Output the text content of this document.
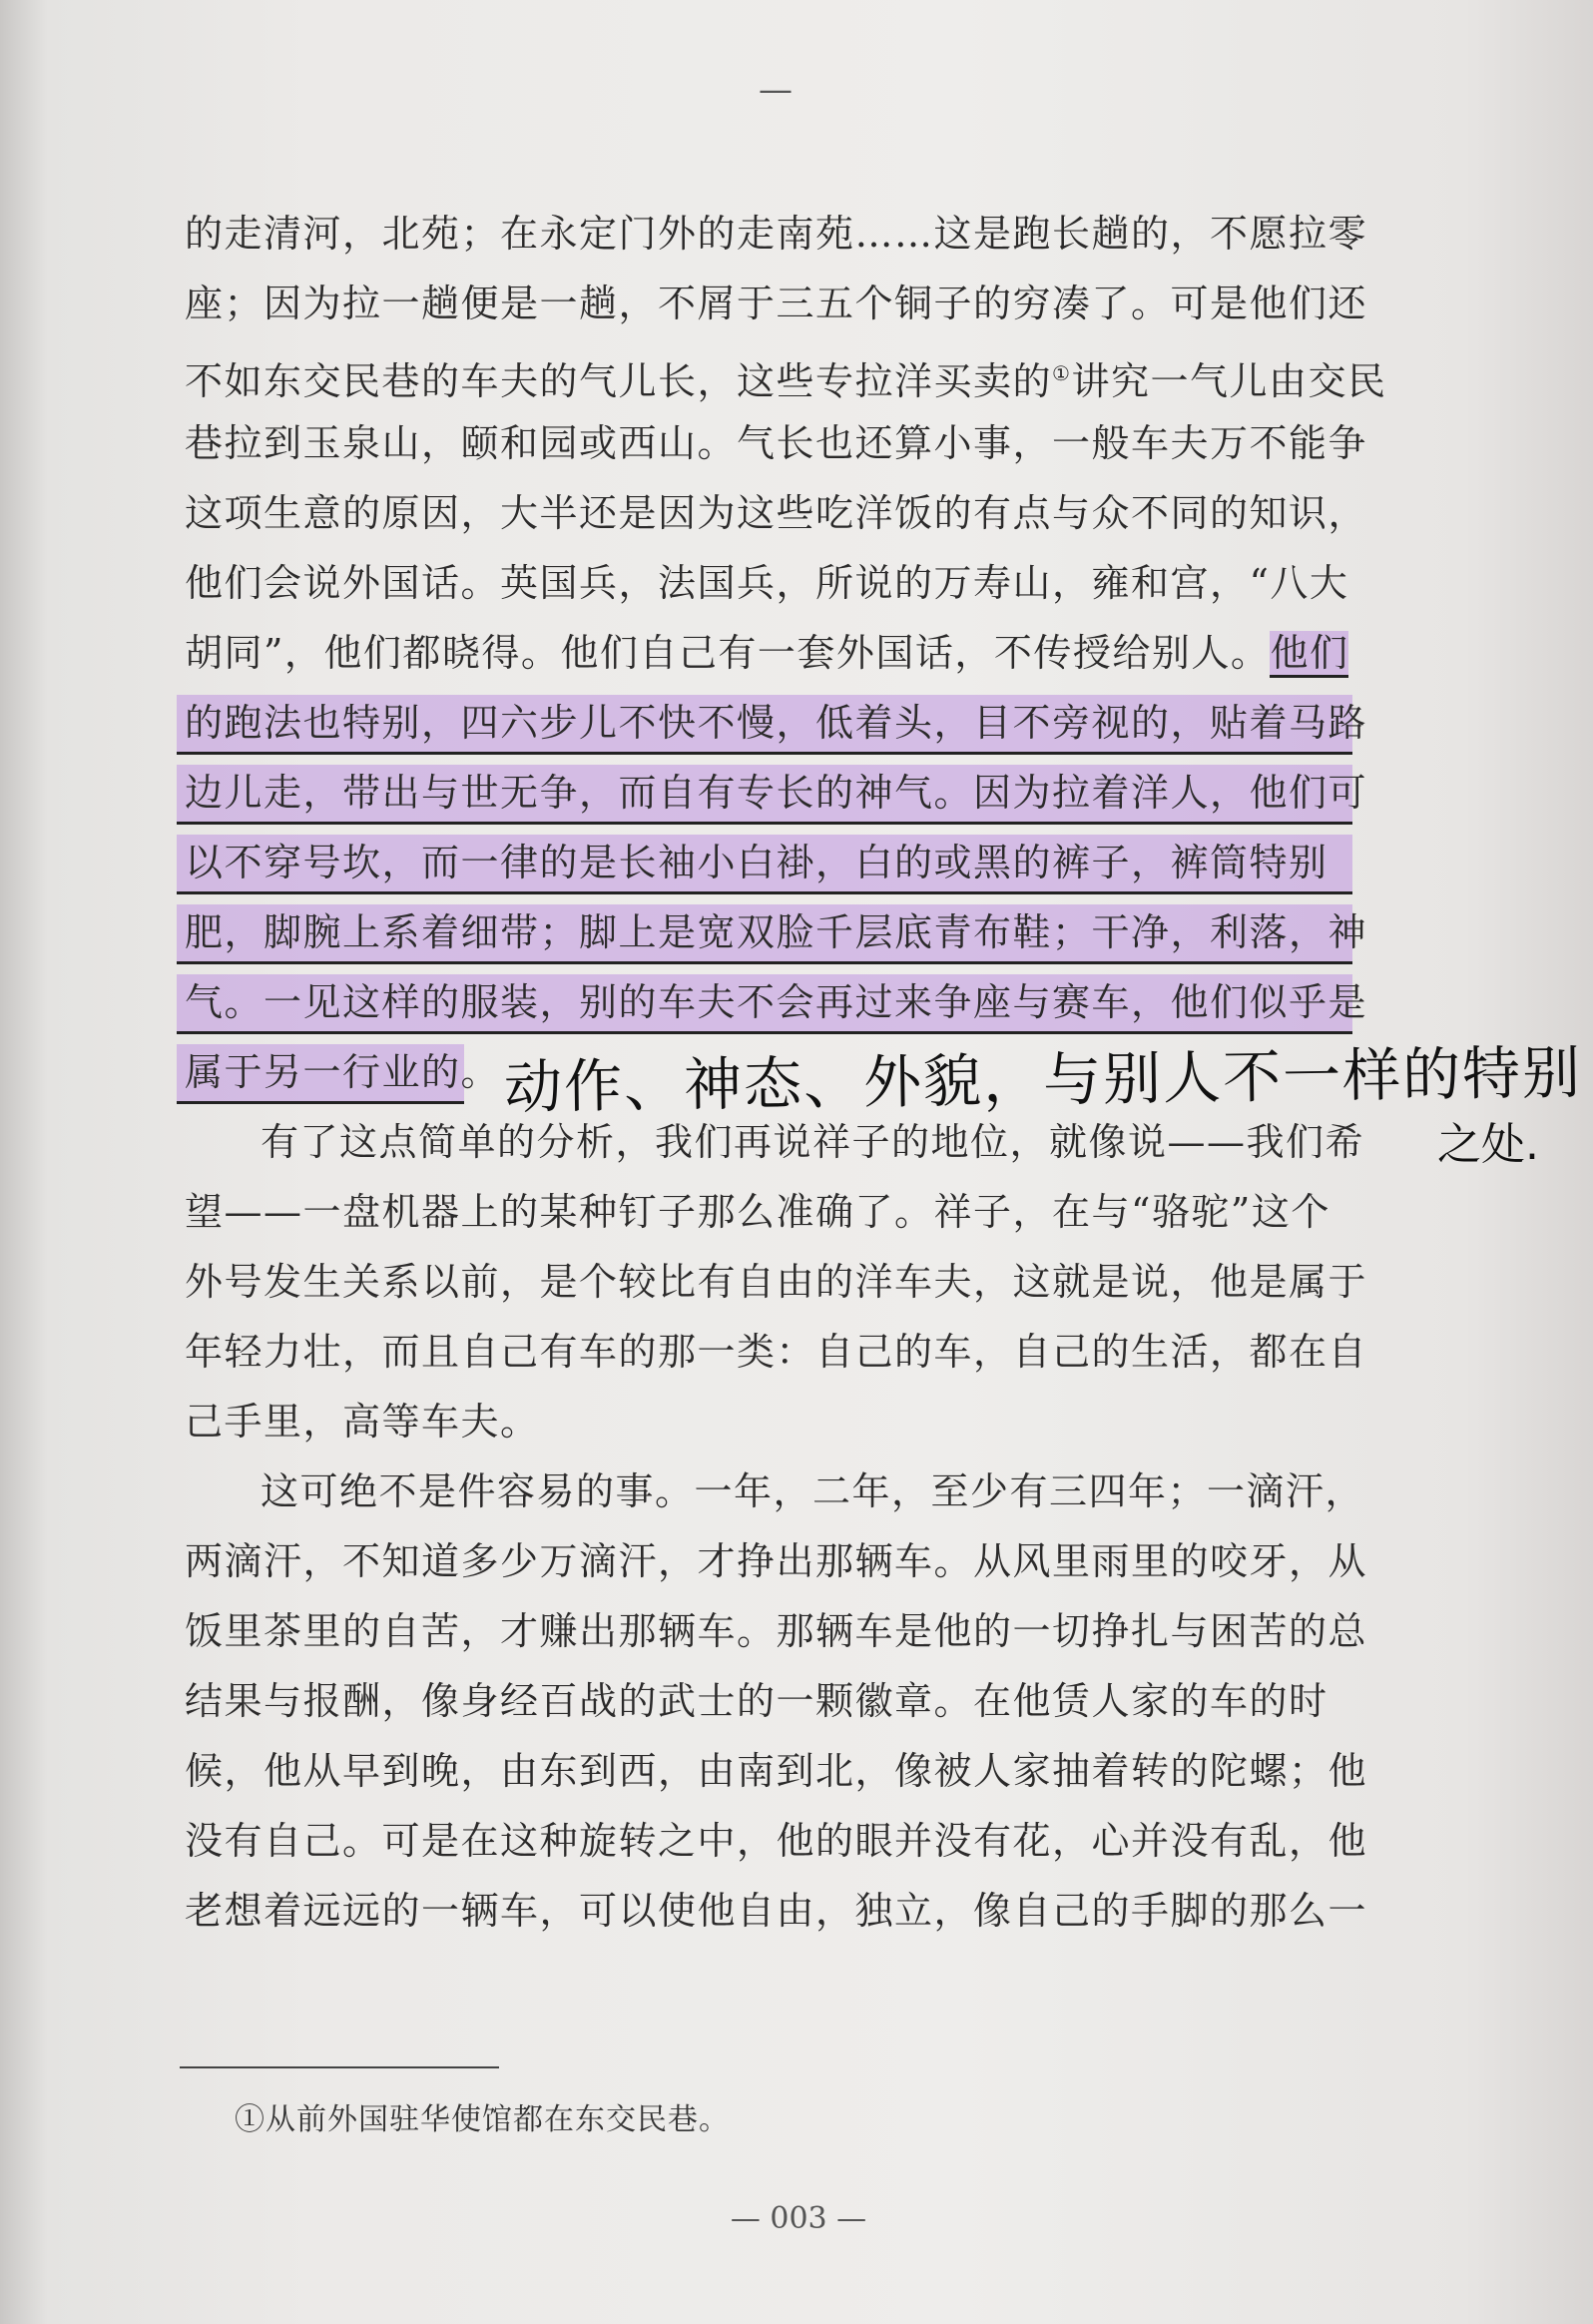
—
的走清河，北苑；在永定门外的走南苑……这是跑长趟的，不愿拉零
座；因为拉一趟便是一趟，不屑于三五个铜子的穷凑了。可是他们还
不如东交民巷的车夫的气儿长，这些专拉洋买卖的①讲究一气儿由交民
巷拉到玉泉山，颐和园或西山。气长也还算小事，一般车夫万不能争
这项生意的原因，大半还是因为这些吃洋饭的有点与众不同的知识，
他们会说外国话。英国兵，法国兵，所说的万寿山，雍和宫，“八大
胡同”，他们都晓得。他们自己有一套外国话，不传授给别人。他们
的跑法也特别，四六步儿不快不慢，低着头，目不旁视的，贴着马路
边儿走，带出与世无争，而自有专长的神气。因为拉着洋人，他们可
以不穿号坎，而一律的是长袖小白褂，白的或黑的裤子，裤筒特别
肥，脚腕上系着细带；脚上是宽双脸千层底青布鞋；干净，利落，神
气。一见这样的服装，别的车夫不会再过来争座与赛车，他们似乎是
属于另一行业的。
有了这点简单的分析，我们再说祥子的地位，就像说——我们希
望——一盘机器上的某种钉子那么准确了。祥子，在与“骆驼”这个
外号发生关系以前，是个较比有自由的洋车夫，这就是说，他是属于
年轻力壮，而且自己有车的那一类：自己的车，自己的生活，都在自
己手里，高等车夫。
这可绝不是件容易的事。一年，二年，至少有三四年；一滴汗，
两滴汗，不知道多少万滴汗，才挣出那辆车。从风里雨里的咬牙，从
饭里茶里的自苦，才赚出那辆车。那辆车是他的一切挣扎与困苦的总
结果与报酬，像身经百战的武士的一颗徽章。在他赁人家的车的时
候，他从早到晚，由东到西，由南到北，像被人家抽着转的陀螺；他
没有自己。可是在这种旋转之中，他的眼并没有花，心并没有乱，他
老想着远远的一辆车，可以使他自由，独立，像自己的手脚的那么一
动作、神态、外貌，与别人不一样的特别
之处.
①从前外国驻华使馆都在东交民巷。
— 003 —
